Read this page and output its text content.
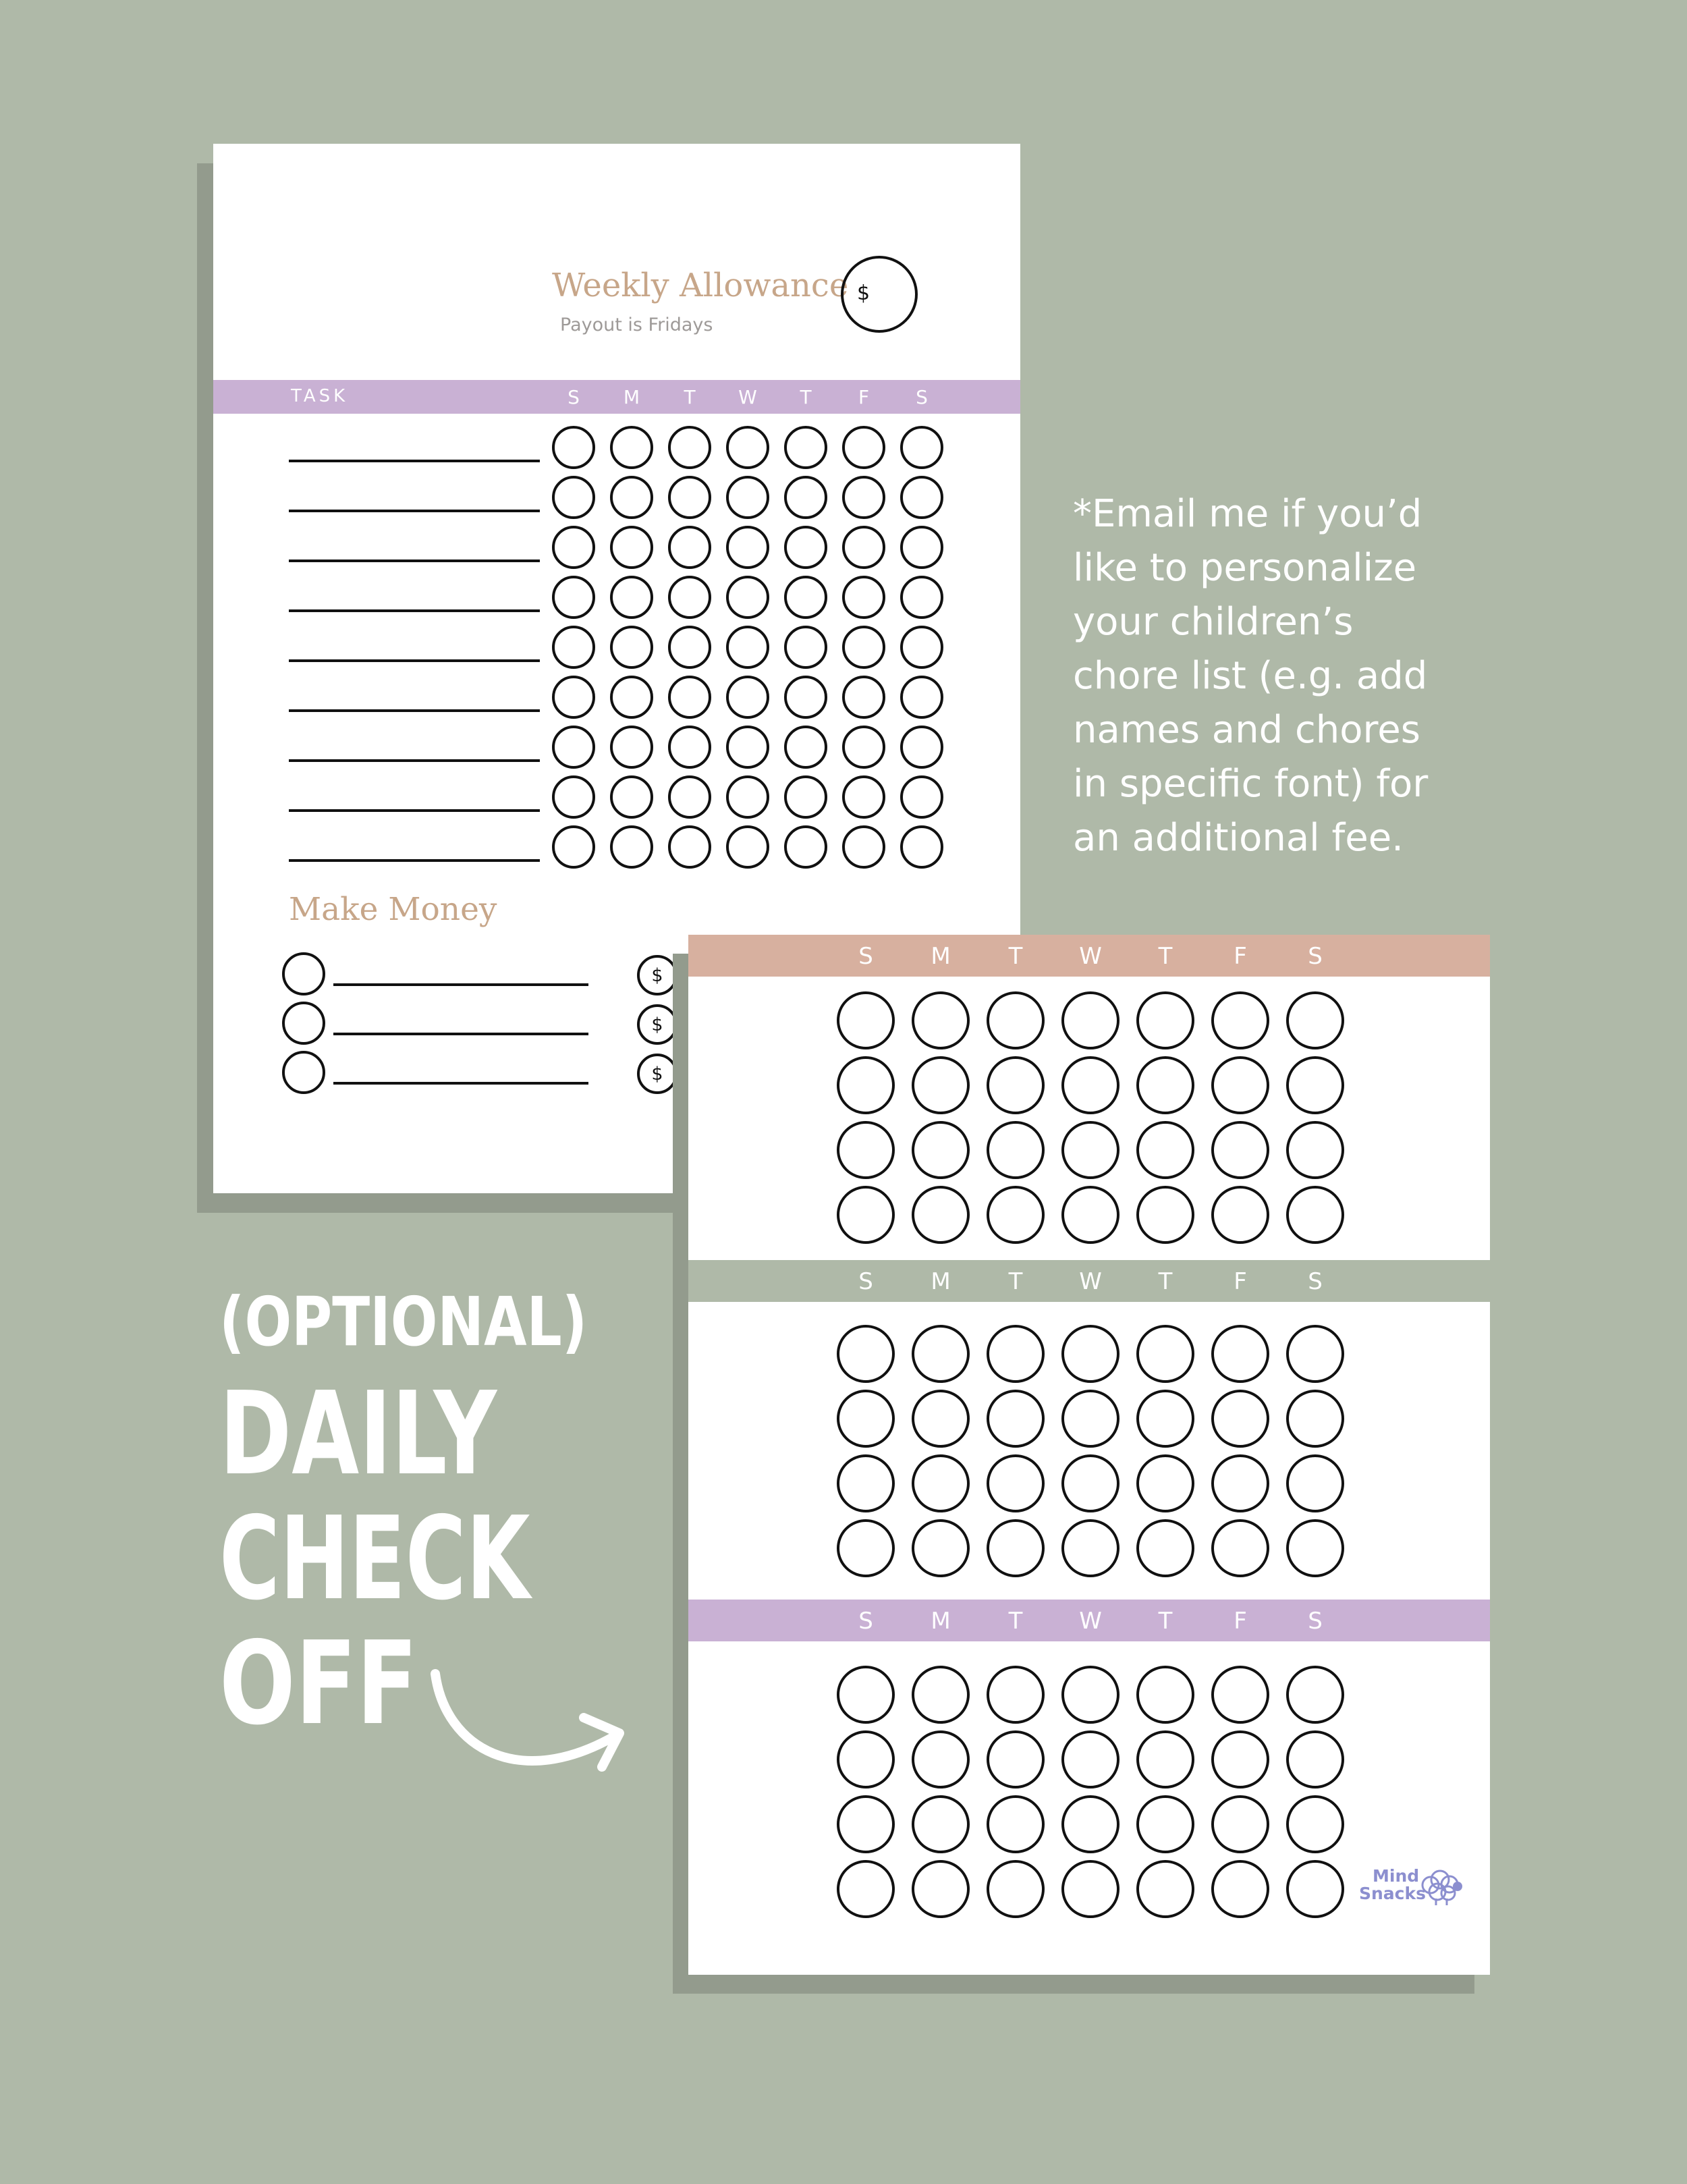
Weekly Allowance
Payout is Fridays
$
TASK	S M T W T F S
Make Money
$
$
$
*Email me if you’d
like to personalize
your children’s
chore list (e.g. add
names and chores
in specific font) for
an additional fee.
S	M	T W T	F	S
S	M	T W T	F	S
S	M	T W T	F	S
Mind
Snacks
(OPTIONAL)
DAILY
CHECK
OFF
